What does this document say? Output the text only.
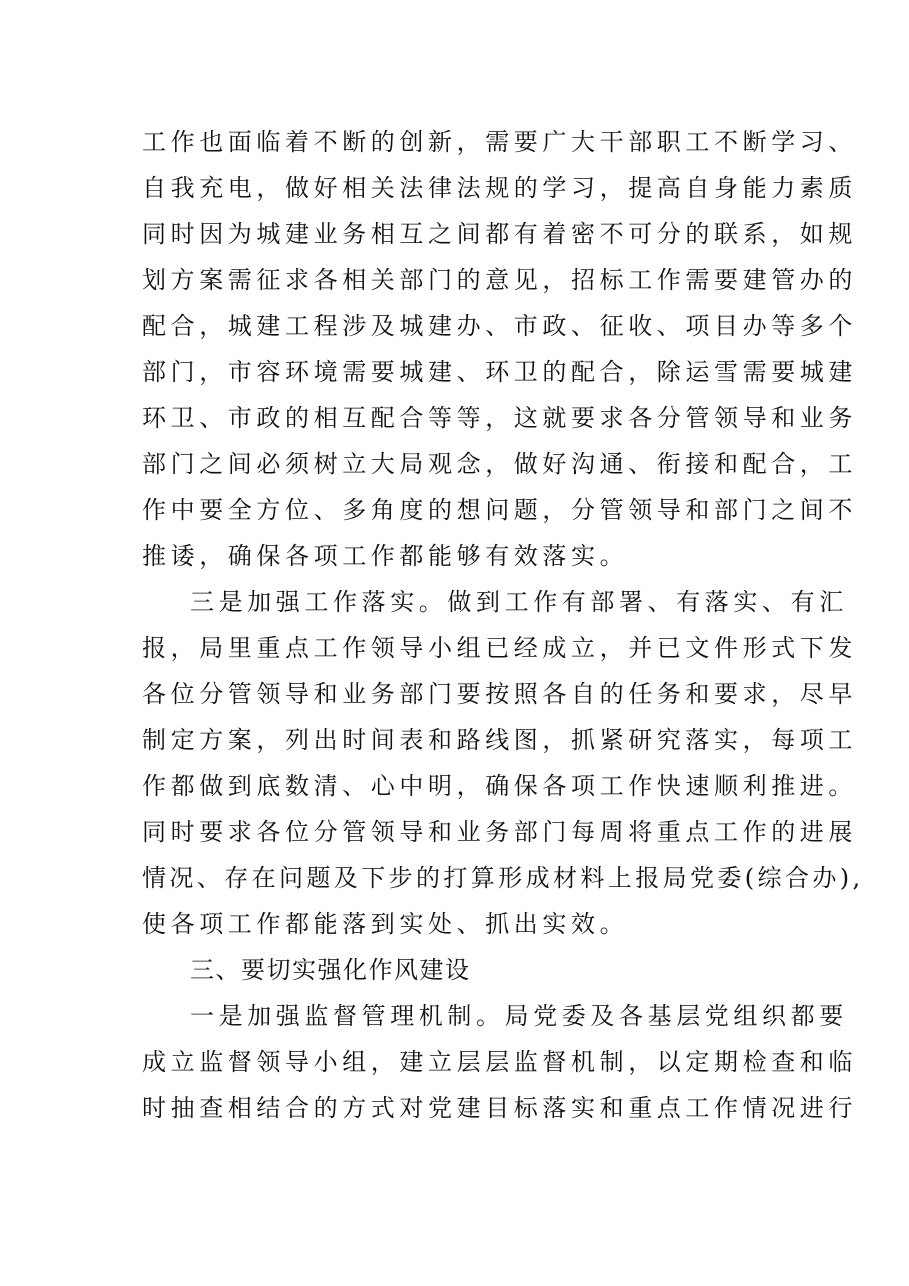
工作也面临着不断的创新，需要广大干部职工不断学习、
自我充电，做好相关法律法规的学习，提高自身能力素质
同时因为城建业务相互之间都有着密不可分的联系，如规
划方案需征求各相关部门的意见，招标工作需要建管办的
配合，城建工程涉及城建办、市政、征收、项目办等多个
部门，市容环境需要城建、环卫的配合，除运雪需要城建
环卫、市政的相互配合等等，这就要求各分管领导和业务
部门之间必须树立大局观念，做好沟通、衔接和配合，工
作中要全方位、多角度的想问题，分管领导和部门之间不
推诿，确保各项工作都能够有效落实。
三是加强工作落实。做到工作有部署、有落实、有汇
报，局里重点工作领导小组已经成立，并已文件形式下发
各位分管领导和业务部门要按照各自的任务和要求，尽早
制定方案，列出时间表和路线图，抓紧研究落实，每项工
作都做到底数清、心中明，确保各项工作快速顺利推进。
同时要求各位分管领导和业务部门每周将重点工作的进展
情况、存在问题及下步的打算形成材料上报局党委(综合办),
使各项工作都能落到实处、抓出实效。
三、要切实强化作风建设
一是加强监督管理机制。局党委及各基层党组织都要
成立监督领导小组，建立层层监督机制，以定期检查和临
时抽查相结合的方式对党建目标落实和重点工作情况进行
